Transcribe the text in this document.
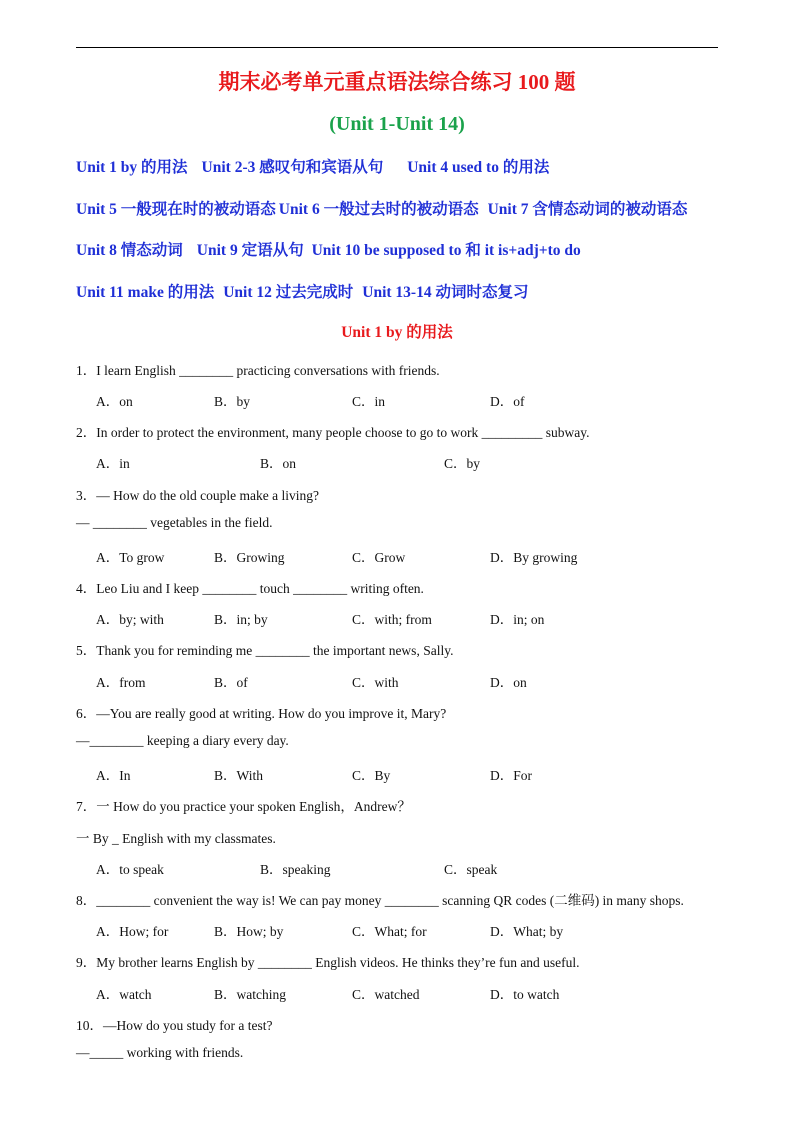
期末必考单元重点语法综合练习 100 题
(Unit 1-Unit 14)
Unit 1 by 的用法 Unit 2-3 感叹句和宾语从句 Unit 4 used to 的用法
Unit 5 一般现在时的被动语态 Unit 6 一般过去时的被动语态 Unit 7 含情态动词的被动语态
Unit 8 情态动词 Unit 9 定语从句 Unit 10 be supposed to 和 it is+adj+to do
Unit 11 make 的用法 Unit 12 过去完成时 Unit 13-14 动词时态复习
Unit 1 by 的用法
1．I learn English ________ practicing conversations with friends.
A．on	B．by	C．in	D．of
2．In order to protect the environment, many people choose to go to work _________ subway.
A．in	B．on	C．by
3．— How do the old couple make a living?
— ________ vegetables in the field.
A．To grow	B．Growing	C．Grow	D．By growing
4．Leo Liu and I keep ________ touch ________ writing often.
A．by; with	B．in; by	C．with; from	D．in; on
5．Thank you for reminding me ________ the important news, Sally.
A．from	B．of	C．with	D．on
6．—You are really good at writing. How do you improve it, Mary?
—________ keeping a diary every day.
A．In	B．With	C．By	D．For
7．一 How do you practice your spoken English，Andrew？
一 By _ English with my classmates.
A．to speak	B．speaking	C．speak
8．________ convenient the way is! We can pay money ________ scanning QR codes (二维码) in many shops.
A．How; for	B．How; by	C．What; for	D．What; by
9．My brother learns English by ________ English videos. He thinks they’re fun and useful.
A．watch	B．watching	C．watched	D．to watch
10．—How do you study for a test?
—_____ working with friends.
